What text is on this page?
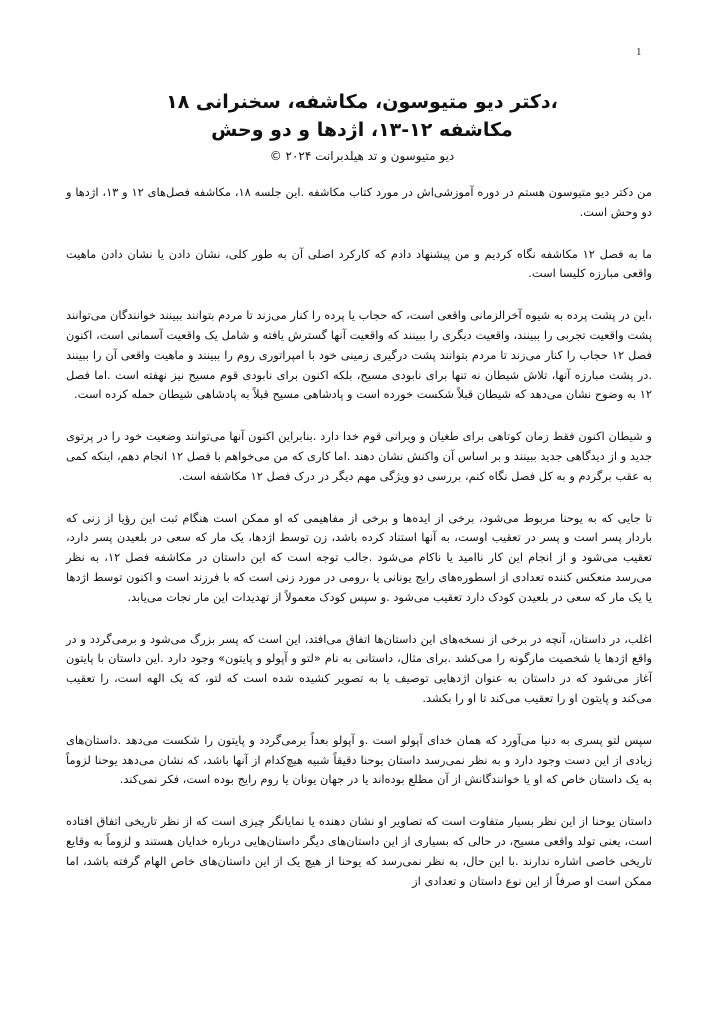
1
،دکتر دیو متیوسون، مکاشفه، سخنرانی ۱۸
مکاشفه ۱۲-۱۳، اژدها و دو وحش
دیو متیوسون و تد هیلدبرانت ۲۰۲۴ ©

من دکتر دیو متیوسون هستم در دوره آموزشی‌اش در مورد کتاب مکاشفه .این جلسه ۱۸، مکاشفه فصل‌های ۱۲ و ۱۳، اژدها و دو وحش است.

ما به فصل ۱۲ مکاشفه نگاه کردیم و من پیشنهاد دادم که کارکرد اصلی آن به طور کلی، نشان دادن یا نشان دادن ماهیت واقعی مبارزه کلیسا است.

،این در پشت پرده به شیوه آخرالزمانی واقعی است، که حجاب یا پرده را کنار می‌زند تا مردم بتوانند ببینند خوانندگان می‌توانند پشت واقعیت تجربی را ببینند، واقعیت دیگری را ببینند که واقعیت آنها گسترش یافته و شامل یک واقعیت آسمانی است، اکنون فصل ۱۲ حجاب را کنار می‌زند تا مردم بتوانند پشت درگیری زمینی خود با امپراتوری روم را ببینند و ماهیت واقعی آن را ببینند .در پشت مبارزه آنها، تلاش شیطان نه تنها برای نابودی مسیح، بلکه اکنون برای نابودی قوم مسیح نیز نهفته است .اما فصل ۱۲ به وضوح نشان می‌دهد که شیطان قبلاً شکست خورده است و پادشاهی مسیح قبلاً به پادشاهی شیطان حمله کرده است.

و شیطان اکنون فقط زمان کوتاهی برای طغیان و ویرانی قوم خدا دارد .بنابراین اکنون آنها می‌توانند وضعیت خود را در پرتوی جدید و از دیدگاهی جدید ببینند و بر اساس آن واکنش نشان دهند .اما کاری که من می‌خواهم با فصل ۱۲ انجام دهم، اینکه کمی به عقب برگردم و به کل فصل نگاه کنم، بررسی دو ویژگی مهم دیگر در درک فصل ۱۲ مکاشفه است.

تا جایی که به یوحنا مربوط می‌شود، برخی از ایده‌ها و برخی از مفاهیمی که او ممکن است هنگام ثبت این رؤیا از زنی که باردار پسر است و پسر در تعقیب اوست، به آنها استناد کرده باشد، زن توسط اژدها، یک مار که سعی در بلعیدن پسر دارد، تعقیب می‌شود و از انجام این کار ناامید یا ناکام می‌شود .جالب توجه است که این داستان در مکاشفه فصل ۱۲، به نظر می‌رسد منعکس کننده تعدادی از اسطوره‌های رایج یونانی یا ،رومی در مورد زنی است که با فرزند است و اکنون توسط اژدها یا یک مار که سعی در بلعیدن کودک دارد تعقیب می‌شود .و سپس کودک معمولاً از تهدیدات این مار نجات می‌یابد.

اغلب، در داستان، آنچه در برخی از نسخه‌های این داستان‌ها اتفاق می‌افتد، این است که پسر بزرگ می‌شود و برمی‌گردد و در واقع اژدها یا شخصیت مارگونه را می‌کشد .برای مثال، داستانی به نام «لتو و آپولو و پایتون» وجود دارد .این داستان با پایتون آغاز می‌شود که در داستان به عنوان اژدهایی توصیف یا به تصویر کشیده شده است که لتو، که یک الهه است، را تعقیب می‌کند و پایتون او را تعقیب می‌کند تا او را بکشد.

سپس لتو پسری به دنیا می‌آورد که همان خدای آپولو است .و آپولو بعداً برمی‌گردد و پایتون را شکست می‌دهد .داستان‌های زیادی از این دست وجود دارد و به نظر نمی‌رسد داستان یوحنا دقیقاً شبیه هیچ‌کدام از آنها باشد، که نشان می‌دهد یوحنا لزوماً به یک داستان خاص که او یا خوانندگانش از آن مطلع بوده‌اند یا در جهان یونان یا روم رایج بوده است، فکر نمی‌کند.

داستان یوحنا از این نظر بسیار متفاوت است که تصاویر او نشان دهنده یا نمایانگر چیزی است که از نظر تاریخی اتفاق افتاده است، یعنی تولد واقعی مسیح، در حالی که بسیاری از این داستان‌های دیگر داستان‌هایی درباره خدایان هستند و لزوماً به وقایع تاریخی خاصی اشاره ندارند .با این حال، به نظر نمی‌رسد که یوحنا از هیچ یک از این داستان‌های خاص الهام گرفته باشد، اما ممکن است او صرفاً از این نوع داستان و تعدادی از
